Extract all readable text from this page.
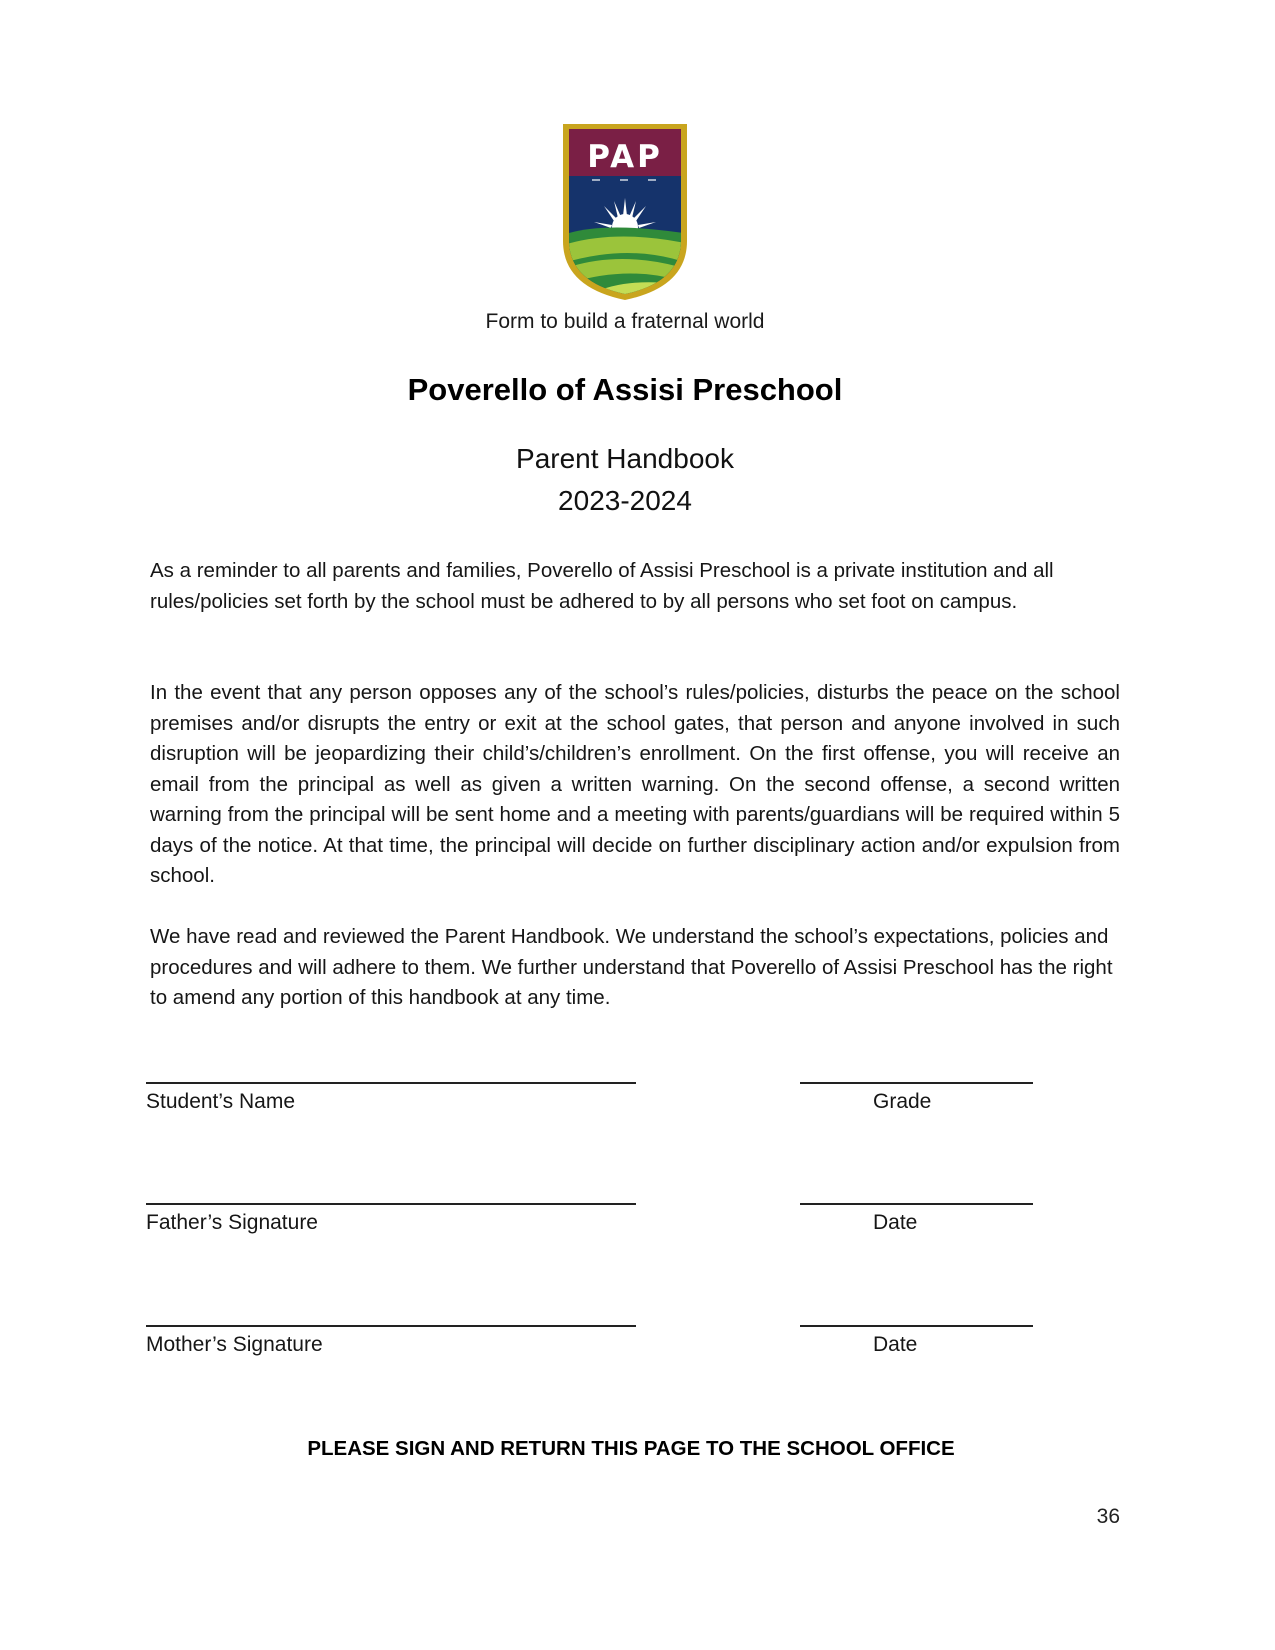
PAP
Form to build a fraternal world
Poverello of Assisi Preschool
Parent Handbook
2023-2024

As a reminder to all parents and families, Poverello of Assisi Preschool is a private institution and all rules/policies set forth by the school must be adhered to by all persons who set foot on campus.

In the event that any person opposes any of the school’s rules/policies, disturbs the peace on the school premises and/or disrupts the entry or exit at the school gates, that person and anyone involved in such disruption will be jeopardizing their child’s/children’s enrollment. On the first offense, you will receive an email from the principal as well as given a written warning. On the second offense, a second written warning from the principal will be sent home and a meeting with parents/guardians will be required within 5 days of the notice. At that time, the principal will decide on further disciplinary action and/or expulsion from school.

We have read and reviewed the Parent Handbook. We understand the school’s expectations, policies and procedures and will adhere to them. We further understand that Poverello of Assisi Preschool has the right to amend any portion of this handbook at any time.

Student’s Name	Grade
Father’s Signature	Date
Mother’s Signature	Date
PLEASE SIGN AND RETURN THIS PAGE TO THE SCHOOL OFFICE
36
